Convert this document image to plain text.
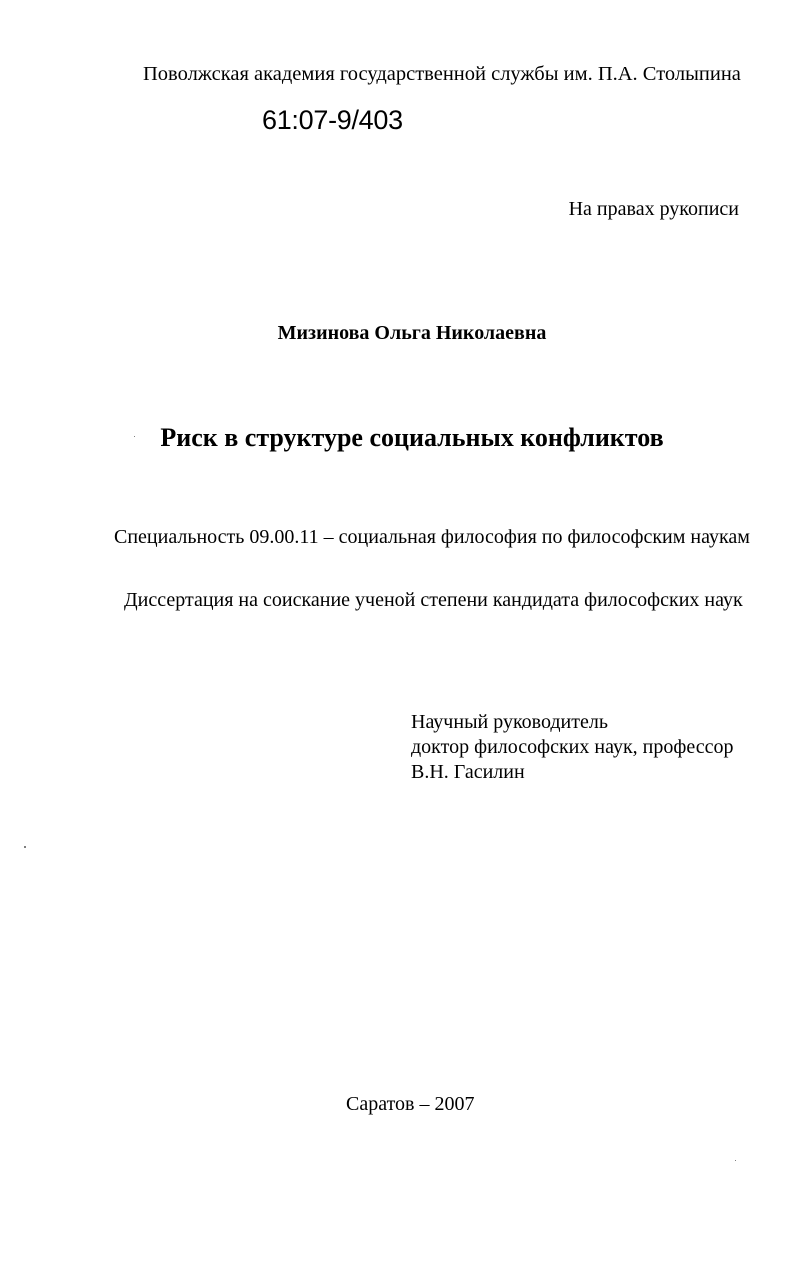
Поволжская академия государственной службы им. П.А. Столыпина
61:07-9/403
На правах рукописи
Мизинова Ольга Николаевна
Риск в структуре социальных конфликтов
Специальность 09.00.11 – социальная философия по философским наукам
Диссертация на соискание ученой степени кандидата философских наук
Научный руководитель
доктор философских наук, профессор
В.Н. Гасилин
Саратов – 2007
